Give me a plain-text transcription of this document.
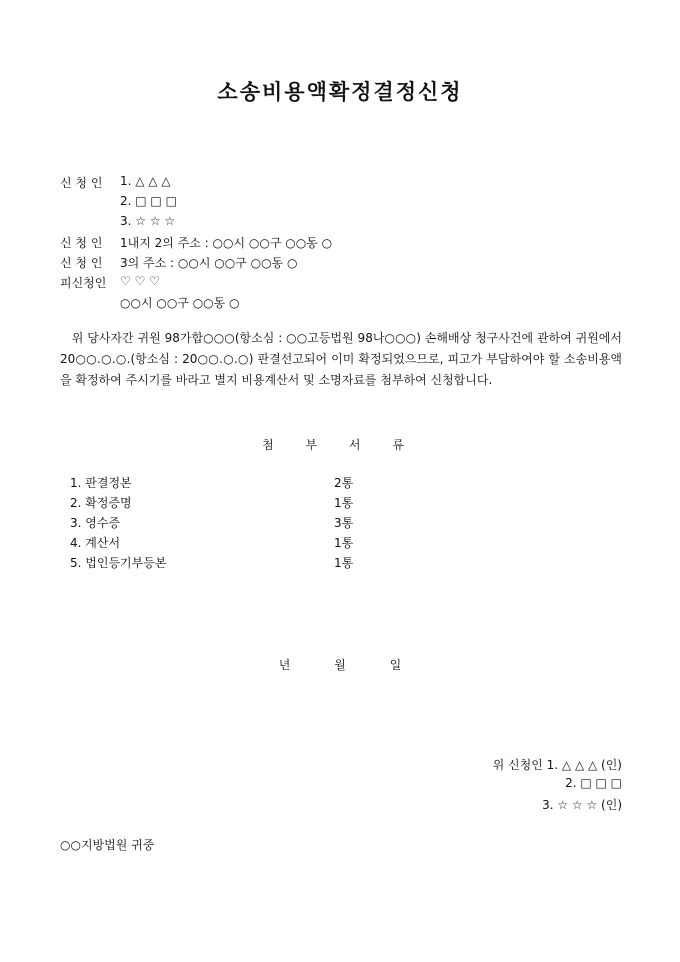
소송비용액확정결정신청
신 청 인 1. △ △ △
2. □ □ □
3. ☆ ☆ ☆
신 청 인 1내지 2의 주소 : ○○시 ○○구 ○○동 ○
신 청 인 3의 주소 : ○○시 ○○구 ○○동 ○
피신청인 ♡ ♡ ♡
○○시 ○○구 ○○동 ○
위 당사자간 귀원 98가합○○○(항소심 : ○○고등법원 98나○○○) 손해배상 청구사건에 관하여 귀원에서 20○○.○.○.(항소심 : 20○○.○.○) 판결선고되어 이미 확정되었으므로, 피고가 부담하여야 할 소송비용액을 확정하여 주시기를 바라고 별지 비용계산서 및 소명자료를 첨부하여 신청합니다.
첨 부 서 류
1. 판결정본	2통
2. 확정증명	1통
3. 영수증	3통
4. 계산서	1통
5. 법인등기부등본	1통
년 월 일
위 신청인 1. △ △ △ (인)
2. □ □ □
3. ☆ ☆ ☆ (인)
○○지방법원 귀중
